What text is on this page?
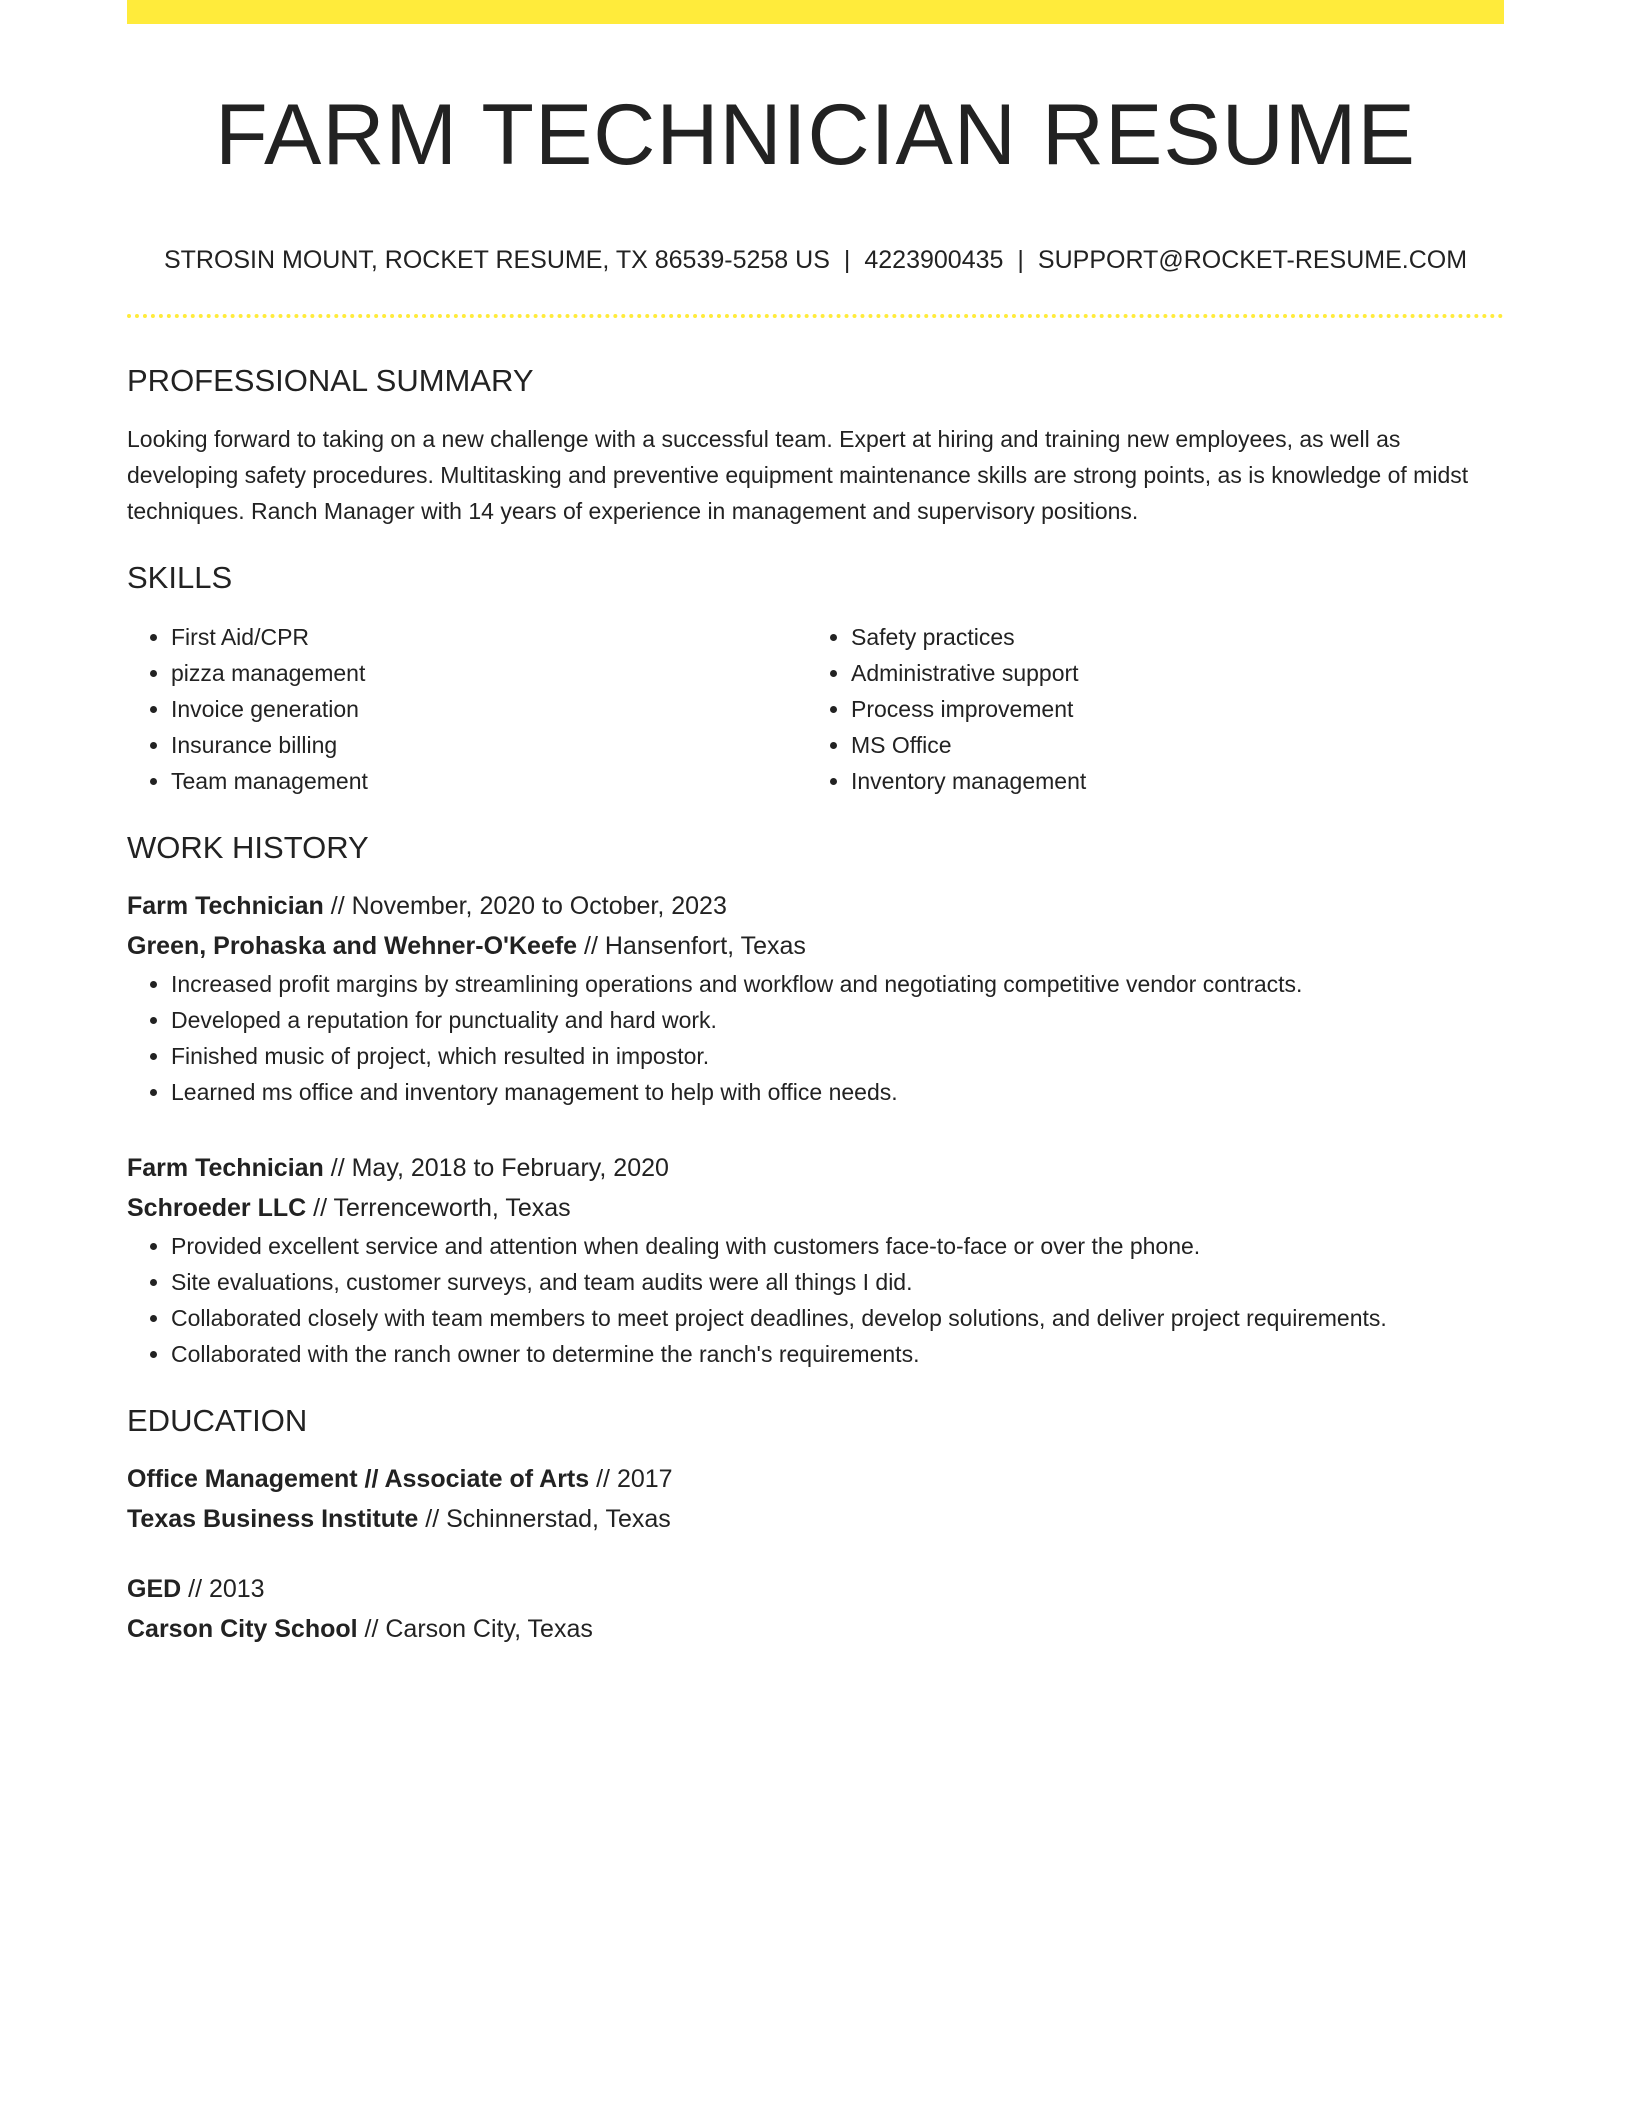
FARM TECHNICIAN RESUME
STROSIN MOUNT, ROCKET RESUME, TX 86539-5258 US | 4223900435 | SUPPORT@ROCKET-RESUME.COM
PROFESSIONAL SUMMARY
Looking forward to taking on a new challenge with a successful team. Expert at hiring and training new employees, as well as developing safety procedures. Multitasking and preventive equipment maintenance skills are strong points, as is knowledge of midst techniques. Ranch Manager with 14 years of experience in management and supervisory positions.
SKILLS
• First Aid/CPR
• pizza management
• Invoice generation
• Insurance billing
• Team management
• Safety practices
• Administrative support
• Process improvement
• MS Office
• Inventory management
WORK HISTORY
Farm Technician // November, 2020 to October, 2023
Green, Prohaska and Wehner-O'Keefe // Hansenfort, Texas
• Increased profit margins by streamlining operations and workflow and negotiating competitive vendor contracts.
• Developed a reputation for punctuality and hard work.
• Finished music of project, which resulted in impostor.
• Learned ms office and inventory management to help with office needs.
Farm Technician // May, 2018 to February, 2020
Schroeder LLC // Terrenceworth, Texas
• Provided excellent service and attention when dealing with customers face-to-face or over the phone.
• Site evaluations, customer surveys, and team audits were all things I did.
• Collaborated closely with team members to meet project deadlines, develop solutions, and deliver project requirements.
• Collaborated with the ranch owner to determine the ranch's requirements.
EDUCATION
Office Management // Associate of Arts // 2017
Texas Business Institute // Schinnerstad, Texas
GED // 2013
Carson City School // Carson City, Texas
